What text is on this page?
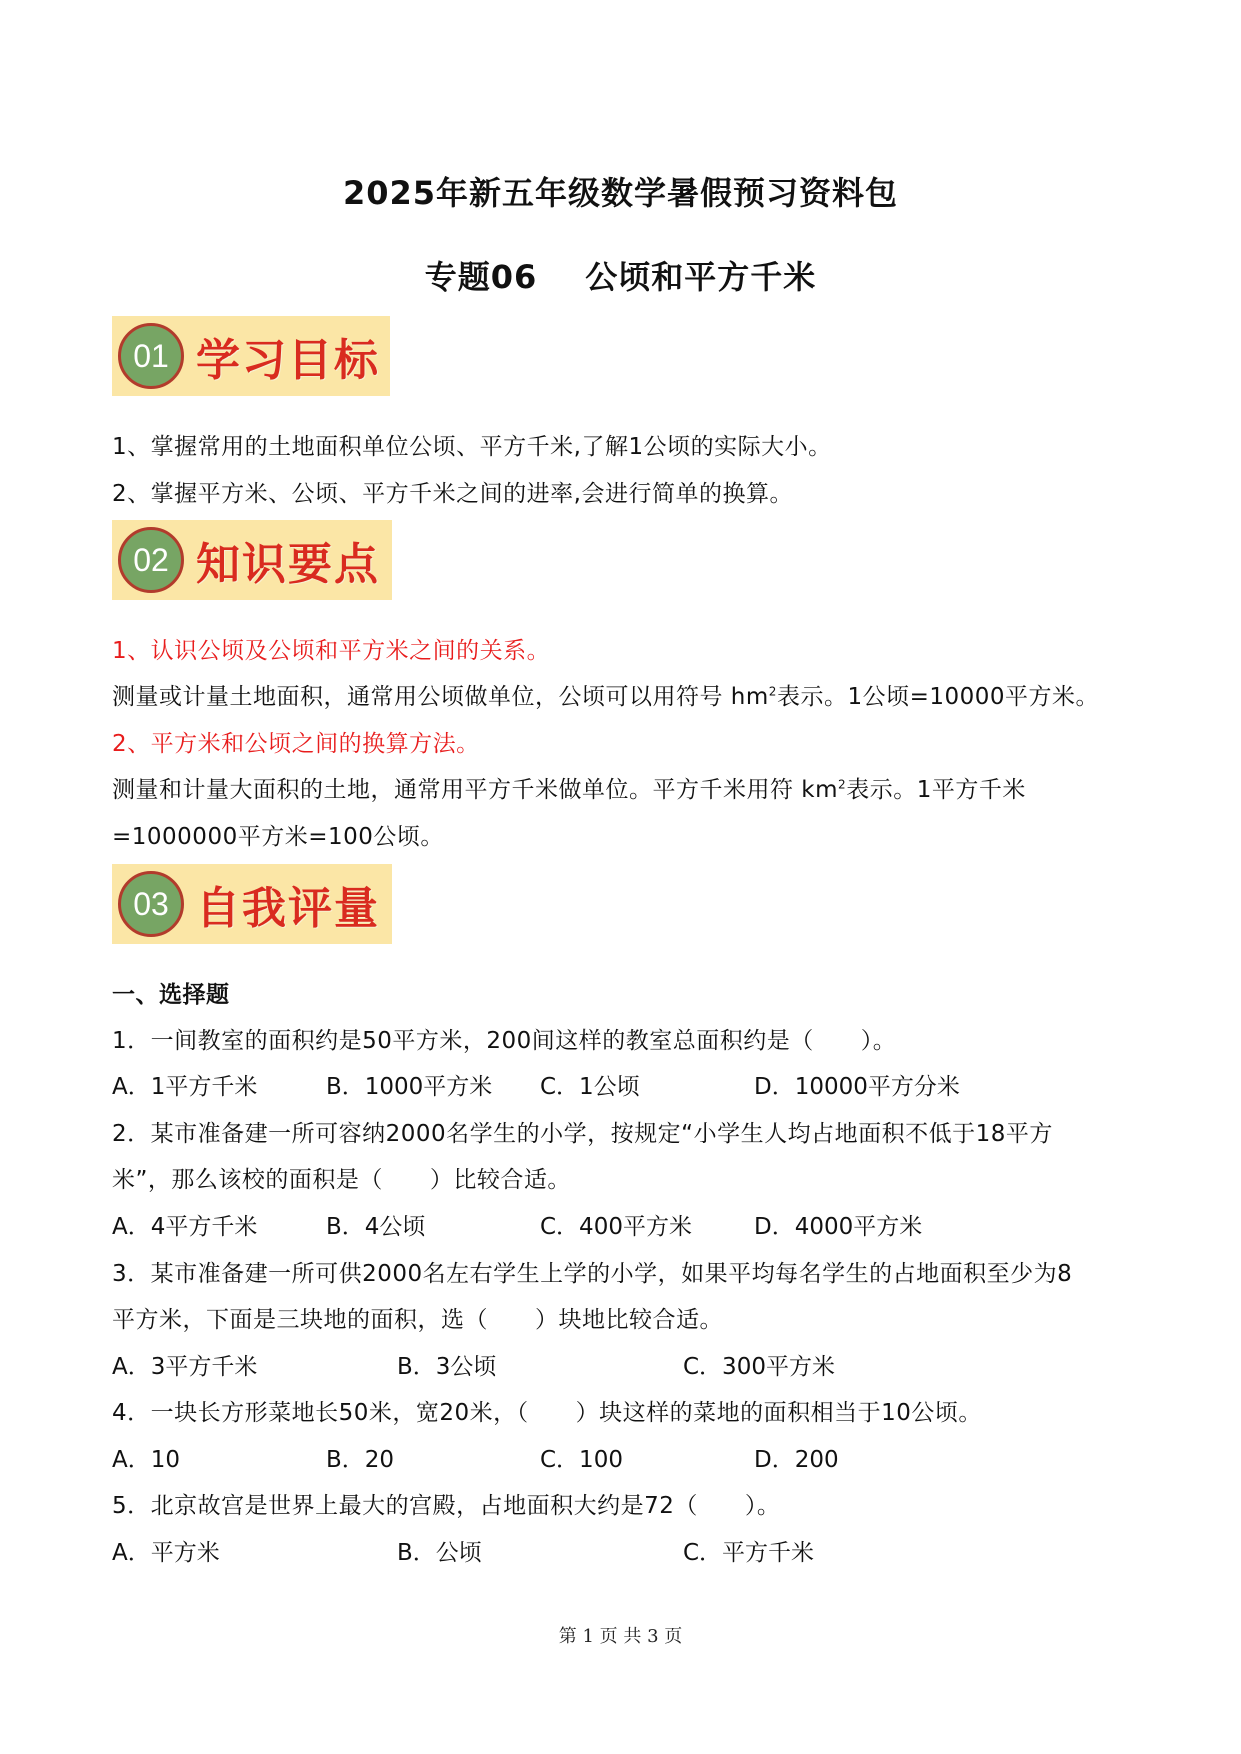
2025年新五年级数学暑假预习资料包
专题06 公顷和平方千米
01 学习目标
1、掌握常用的土地面积单位公顷、平方千米,了解1公顷的实际大小。
2、掌握平方米、公顷、平方千米之间的进率,会进行简单的换算。
02 知识要点
1、认识公顷及公顷和平方米之间的关系。
测量或计量土地面积，通常用公顷做单位，公顷可以用符号 $hm^2$表示。1公顷=10000平方米。
2、平方米和公顷之间的换算方法。
测量和计量大面积的土地，通常用平方千米做单位。平方千米用符 $km^2$表示。1平方千米
=1000000平方米=100公顷。
03 自我评量
一、选择题
1．一间教室的面积约是50平方米，200间这样的教室总面积约是（　　）。
A．1平方千米	B．1000平方米 C．1公顷	D．10000平方分米
2．某市准备建一所可容纳2000名学生的小学，按规定“小学生人均占地面积不低于18平方
米”，那么该校的面积是（　　）比较合适。
A．4平方千米	B．4公顷	C．400平方米	D．4000平方米
3．某市准备建一所可供2000名左右学生上学的小学，如果平均每名学生的占地面积至少为8
平方米，下面是三块地的面积，选（　　）块地比较合适。
A．3平方千米	B．3公顷	C．300平方米
4．一块长方形菜地长50米，宽20米，（　　）块这样的菜地的面积相当于10公顷。
A．10	B．20	C．100	D．200
5．北京故宫是世界上最大的宫殿，占地面积大约是72（　　）。
A．平方米	B．公顷	C．平方千米
第 1 页 共 3 页
